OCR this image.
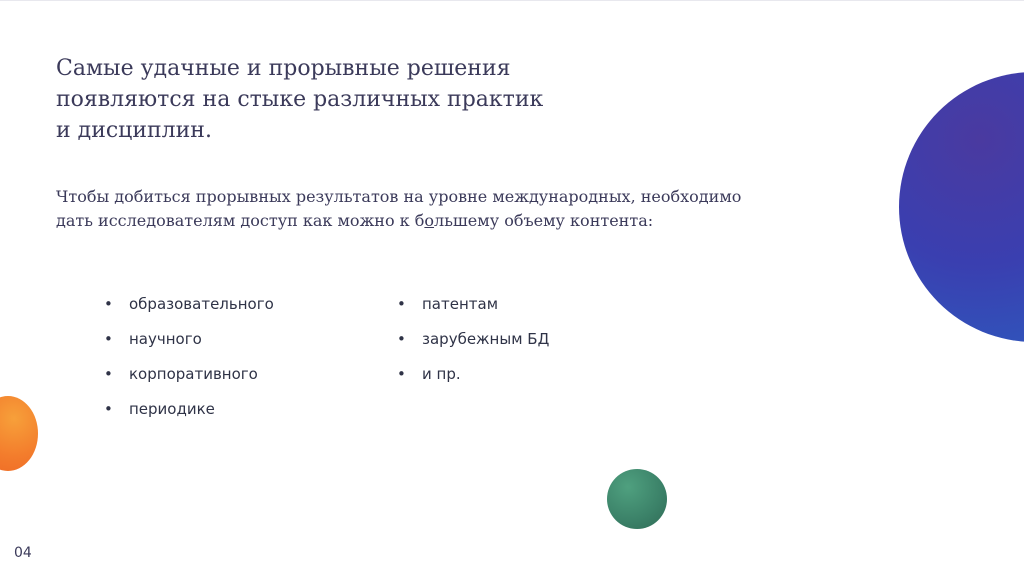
Самые удачные и прорывные решения
появляются на стыке различных практик
и дисциплин.

Чтобы добиться прорывных результатов на уровне международных, необходимо
дать исследователям доступ как можно к большему объему контента:

•	образовательного
•	научного
•	корпоративного
•	периодике
•	патентам
•	зарубежным БД
•	и пр.
04
